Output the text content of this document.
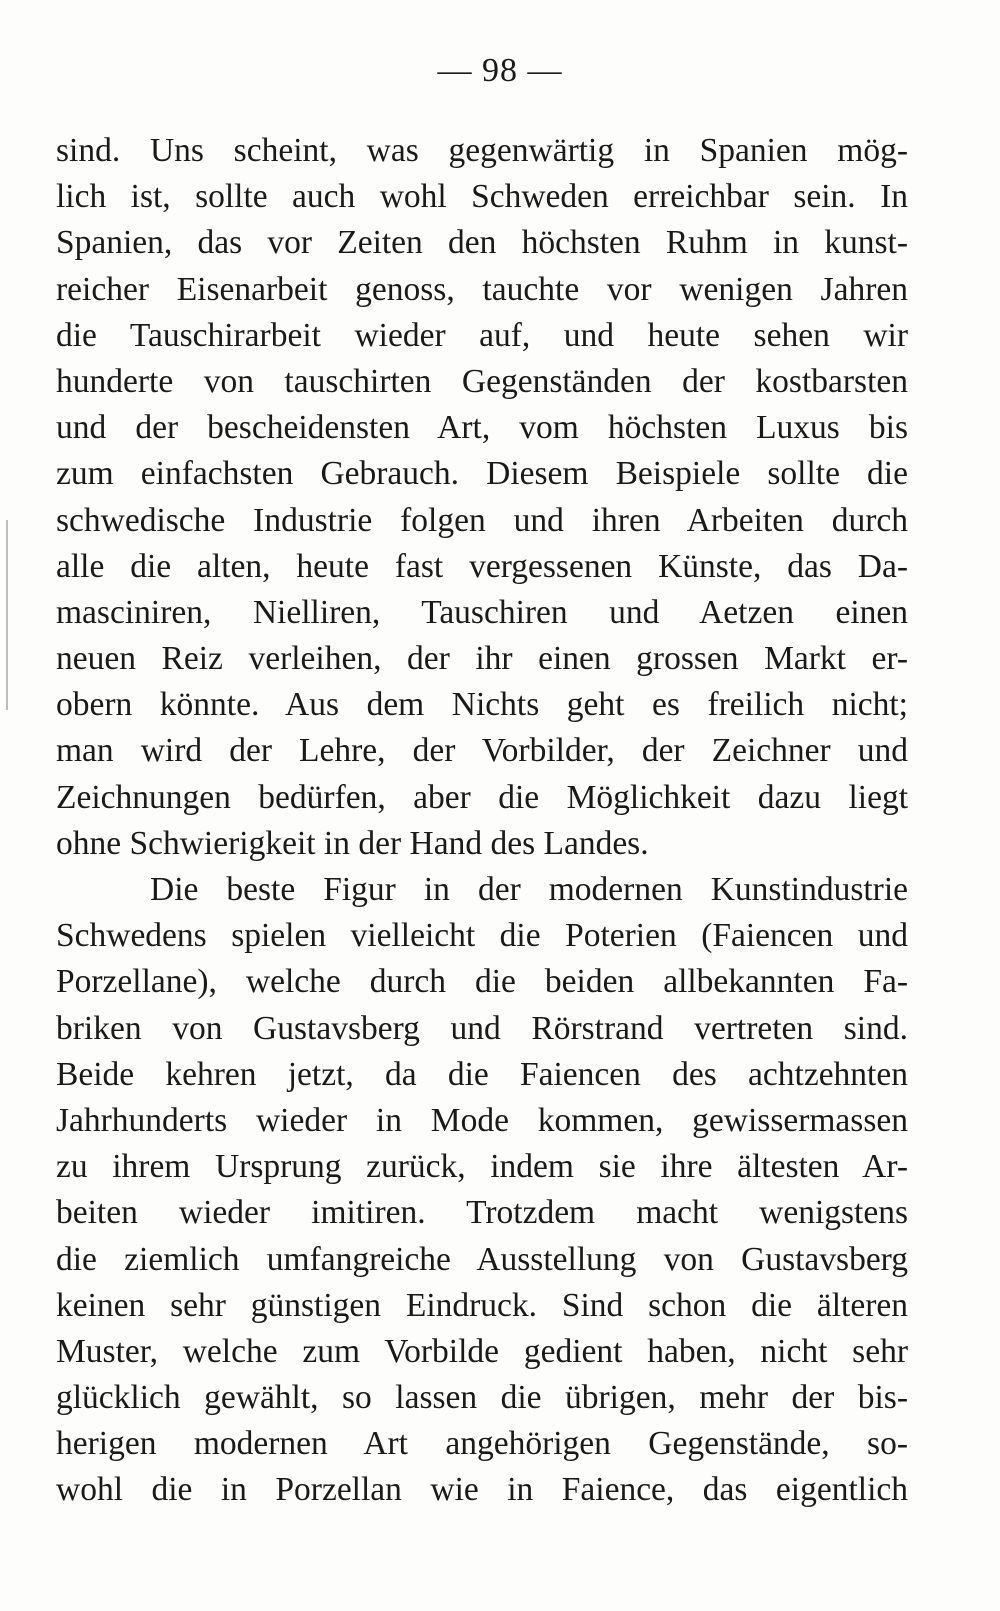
— 98 —
sind. Uns scheint, was gegenwärtig in Spanien mög-
lich ist, sollte auch wohl Schweden erreichbar sein. In
Spanien, das vor Zeiten den höchsten Ruhm in kunst-
reicher Eisenarbeit genoss, tauchte vor wenigen Jahren
die Tauschirarbeit wieder auf, und heute sehen wir
hunderte von tauschirten Gegenständen der kostbarsten
und der bescheidensten Art, vom höchsten Luxus bis
zum einfachsten Gebrauch. Diesem Beispiele sollte die
schwedische Industrie folgen und ihren Arbeiten durch
alle die alten, heute fast vergessenen Künste, das Da-
masciniren, Nielliren, Tauschiren und Aetzen einen
neuen Reiz verleihen, der ihr einen grossen Markt er-
obern könnte. Aus dem Nichts geht es freilich nicht;
man wird der Lehre, der Vorbilder, der Zeichner und
Zeichnungen bedürfen, aber die Möglichkeit dazu liegt
ohne Schwierigkeit in der Hand des Landes.
Die beste Figur in der modernen Kunstindustrie
Schwedens spielen vielleicht die Poterien (Faiencen und
Porzellane), welche durch die beiden allbekannten Fa-
briken von Gustavsberg und Rörstrand vertreten sind.
Beide kehren jetzt, da die Faiencen des achtzehnten
Jahrhunderts wieder in Mode kommen, gewissermassen
zu ihrem Ursprung zurück, indem sie ihre ältesten Ar-
beiten wieder imitiren. Trotzdem macht wenigstens
die ziemlich umfangreiche Ausstellung von Gustavsberg
keinen sehr günstigen Eindruck. Sind schon die älteren
Muster, welche zum Vorbilde gedient haben, nicht sehr
glücklich gewählt, so lassen die übrigen, mehr der bis-
herigen modernen Art angehörigen Gegenstände, so-
wohl die in Porzellan wie in Faience, das eigentlich
